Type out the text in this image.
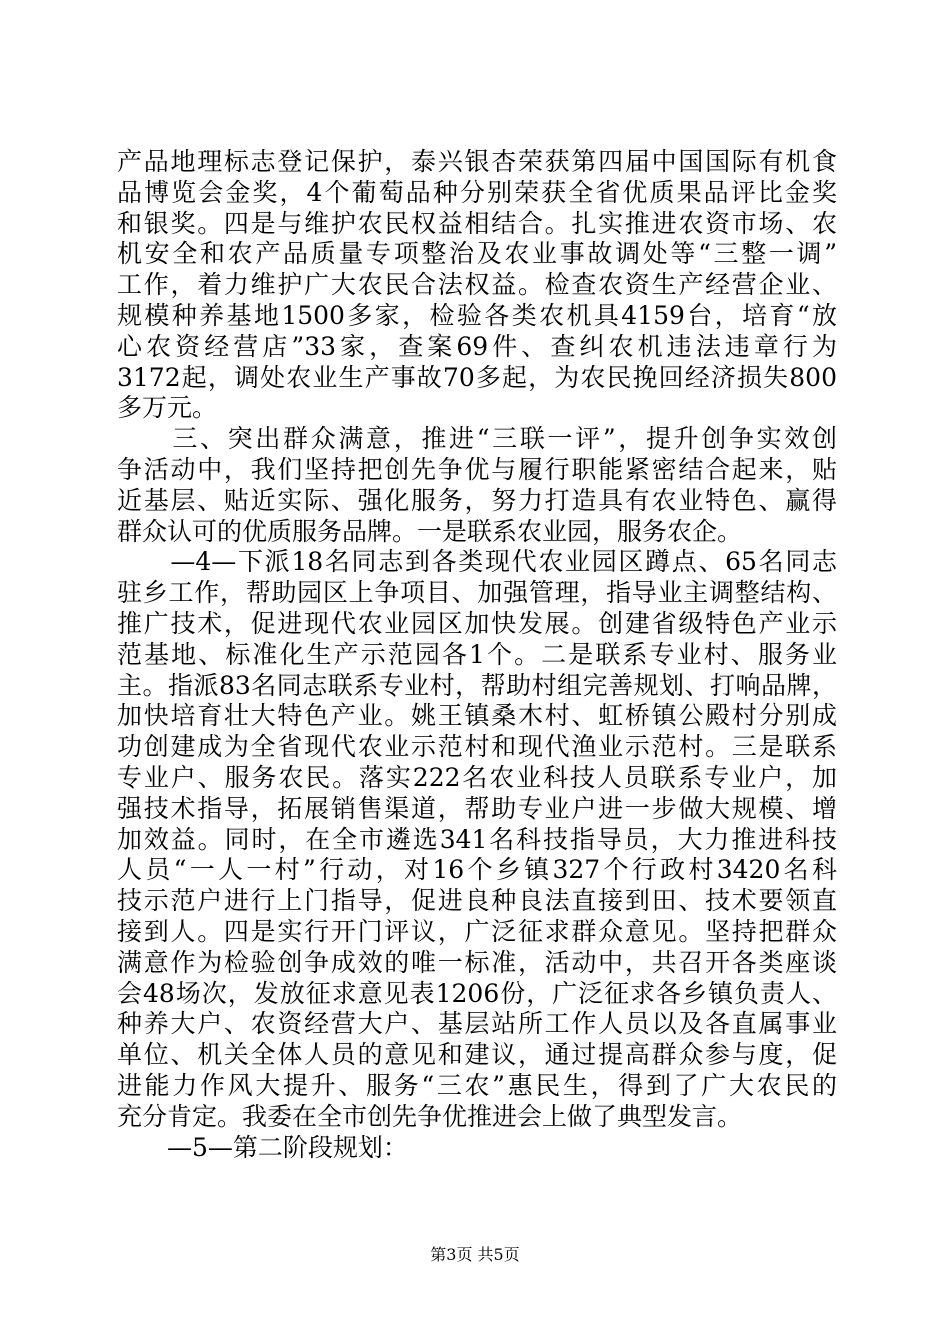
产品地理标志登记保护，泰兴银杏荣获第四届中国国际有机食
品博览会金奖，4个葡萄品种分别荣获全省优质果品评比金奖
和银奖。四是与维护农民权益相结合。扎实推进农资市场、农
机安全和农产品质量专项整治及农业事故调处等“三整一调”
工作，着力维护广大农民合法权益。检查农资生产经营企业、
规模种养基地1500多家，检验各类农机具4159台，培育“放
心农资经营店”33家，查案69件、查纠农机违法违章行为
3172起，调处农业生产事故70多起，为农民挽回经济损失800
多万元。
　　三、突出群众满意，推进“三联一评”，提升创争实效创
争活动中，我们坚持把创先争优与履行职能紧密结合起来，贴
近基层、贴近实际、强化服务，努力打造具有农业特色、赢得
群众认可的优质服务品牌。一是联系农业园，服务农企。
　　—4—下派18名同志到各类现代农业园区蹲点、65名同志
驻乡工作，帮助园区上争项目、加强管理，指导业主调整结构、
推广技术，促进现代农业园区加快发展。创建省级特色产业示
范基地、标准化生产示范园各1个。二是联系专业村、服务业
主。指派83名同志联系专业村，帮助村组完善规划、打响品牌，
加快培育壮大特色产业。姚王镇桑木村、虹桥镇公殿村分别成
功创建成为全省现代农业示范村和现代渔业示范村。三是联系
专业户、服务农民。落实222名农业科技人员联系专业户，加
强技术指导，拓展销售渠道，帮助专业户进一步做大规模、增
加效益。同时，在全市遴选341名科技指导员，大力推进科技
人员“一人一村”行动，对16个乡镇327个行政村3420名科
技示范户进行上门指导，促进良种良法直接到田、技术要领直
接到人。四是实行开门评议，广泛征求群众意见。坚持把群众
满意作为检验创争成效的唯一标准，活动中，共召开各类座谈
会48场次，发放征求意见表1206份，广泛征求各乡镇负责人、
种养大户、农资经营大户、基层站所工作人员以及各直属事业
单位、机关全体人员的意见和建议，通过提高群众参与度，促
进能力作风大提升、服务“三农”惠民生，得到了广大农民的
充分肯定。我委在全市创先争优推进会上做了典型发言。
　　—5—第二阶段规划：
第3页 共5页
